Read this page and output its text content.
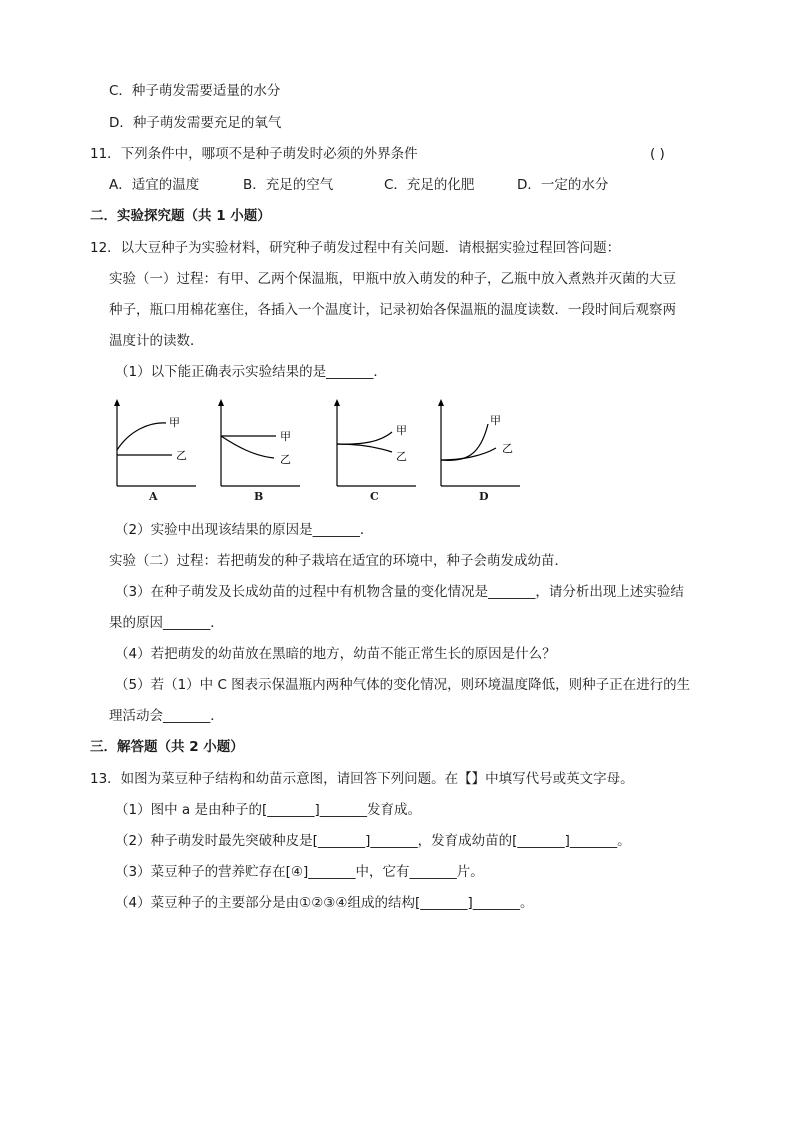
C．种子萌发需要适量的水分
D．种子萌发需要充足的氧气
11．下列条件中，哪项不是种子萌发时必须的外界条件	( )
A．适宜的温度	B．充足的空气	C．充足的化肥	D．一定的水分
二．实验探究题（共 1 小题）
12．以大豆种子为实验材料，研究种子萌发过程中有关问题．请根据实验过程回答问题：
实验（一）过程：有甲、乙两个保温瓶，甲瓶中放入萌发的种子，乙瓶中放入煮熟并灭菌的大豆
种子，瓶口用棉花塞住，各插入一个温度计，记录初始各保温瓶的温度读数．一段时间后观察两
温度计的读数．
（1）以下能正确表示实验结果的是_______．
甲
乙
A
甲
乙
B
甲
乙
C
甲
乙
D
（2）实验中出现该结果的原因是_______．
实验（二）过程：若把萌发的种子栽培在适宜的环境中，种子会萌发成幼苗．
（3）在种子萌发及长成幼苗的过程中有机物含量的变化情况是_______，请分析出现上述实验结
果的原因_______．
（4）若把萌发的幼苗放在黑暗的地方，幼苗不能正常生长的原因是什么？
（5）若（1）中 C 图表示保温瓶内两种气体的变化情况，则环境温度降低，则种子正在进行的生
理活动会_______．
三．解答题（共 2 小题）
13．如图为菜豆种子结构和幼苗示意图，请回答下列问题。在【】中填写代号或英文字母。
（1）图中 a 是由种子的[_______]_______发育成。
（2）种子萌发时最先突破种皮是[_______]_______，发育成幼苗的[_______]_______。
（3）菜豆种子的营养贮存在[④]_______中，它有_______片。
（4）菜豆种子的主要部分是由①②③④组成的结构[_______]_______。
